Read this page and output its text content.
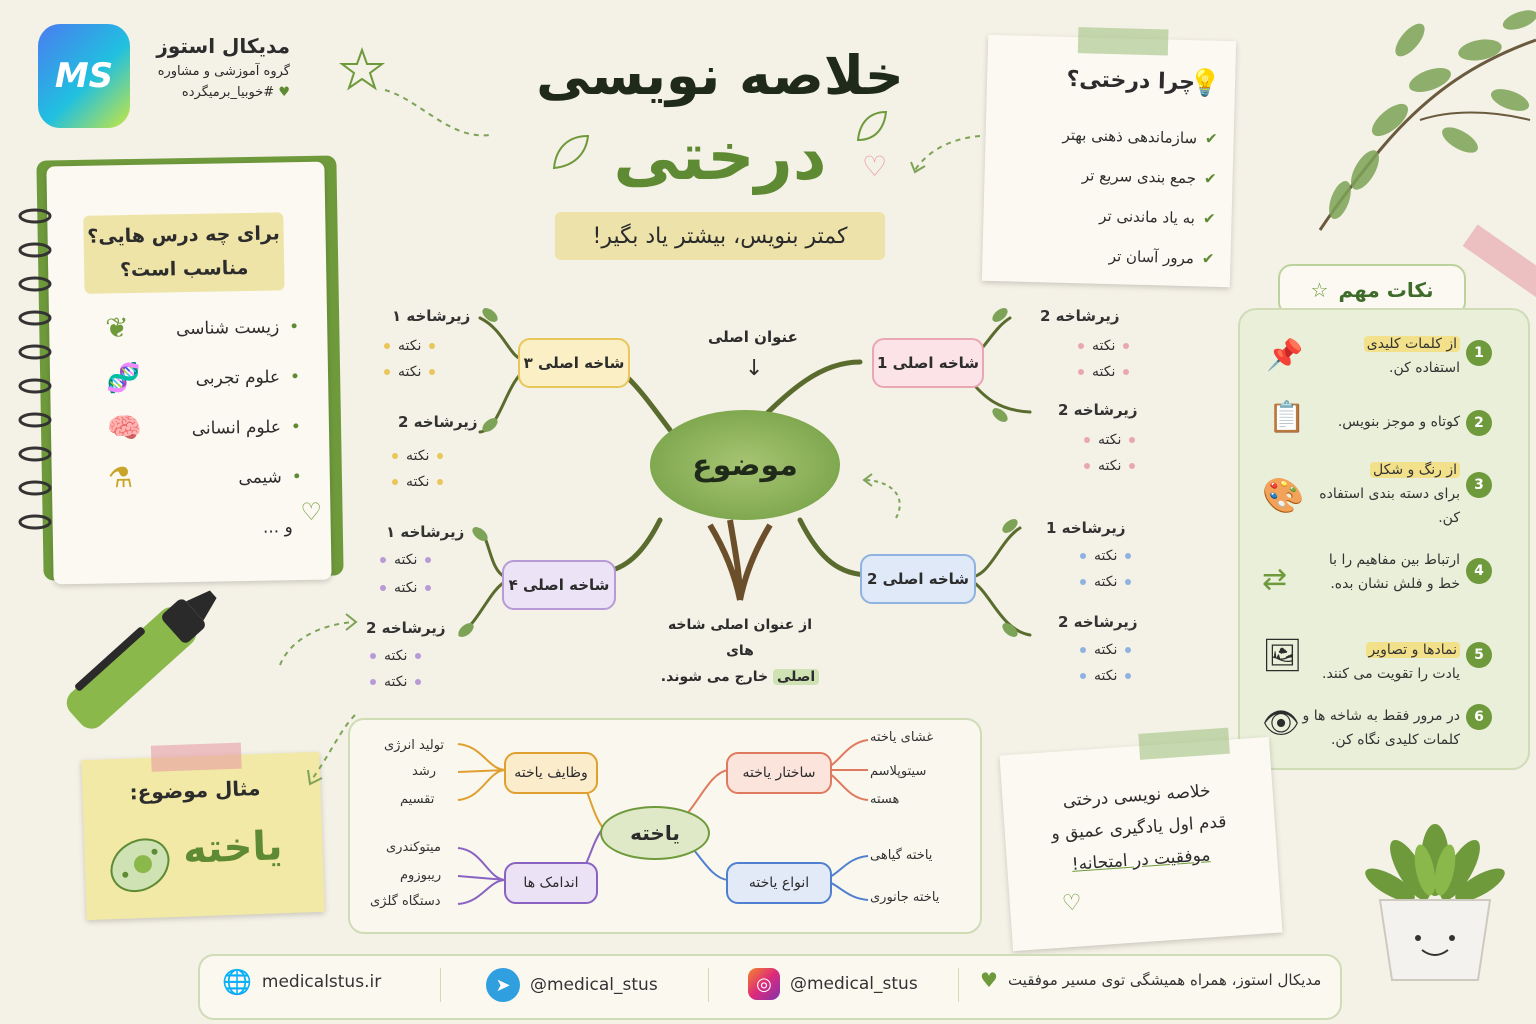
MS
مدیکال استوز
گروه آموزشی و مشاوره
♥ #خوبیا_برمیگرده	خلاصه نویسی
درختی	♡
کمتر بنویس، بیشتر یاد بگیر!
چرا درختی؟
💡
✔سازماندهی ذهنی بهتر
✔جمع بندی سریع تر
✔به یاد ماندنی تر
✔مرور آسان تر
برای چه درس هایی؟
مناسب است؟
•زیست شناسی
•علوم تجربی
•علوم انسانی
•شیمی
و ...
❦
🧬
🧠
⚗
♡
موضوع
عنوان اصلی
↓
از عنوان اصلی شاخه های
اصلی خارج می شوند.
شاخه اصلی 1
شاخه اصلی 2
شاخه اصلی ۳
شاخه اصلی ۴
زیرشاخه 2
نکته
نکته
زیرشاخه 2
نکته
نکته
زیرشاخه 1
نکته
نکته
زیرشاخه 2
نکته
نکته
زیرشاخه ۱
نکته
نکته
زیرشاخه 2
نکته
نکته
زیرشاخه ۱
نکته
نکته
زیرشاخه 2
نکته
نکته
نکات مهم
☆
1
از کلمات کلیدی
استفاده کن.
📌
2
کوتاه و موجز بنویس.
📋
3
از رنگ و شکل
برای دسته بندی استفاده کن.
🎨
4
ارتباط بین مفاهیم را با خط و فلش نشان بده.
⇄
5
نمادها و تصاویر
یادت را تقویت می کنند.
🖼
6
در مرور فقط به شاخه ها و کلمات کلیدی نگاه کن.
👁
مثال موضوع:
یاخته	یاخته
ساختار یاخته
انواع یاخته
وظایف یاخته
اندامک ها
غشای یاخته
سیتوپلاسم
هسته
یاخته گیاهی
یاخته جانوری
تولید انرژی
رشد
تقسیم
میتوکندری
ریبوزوم
دستگاه گلژی
خلاصه نویسی درختی
قدم اول یادگیری عمیق و
موفقیت در امتحانه!
♡
🌐 medicalstus.ir	➤	@medical_stus	◎	@medical_stus	مدیکال استوز، همراه همیشگی توی مسیر موفقیت
♥
